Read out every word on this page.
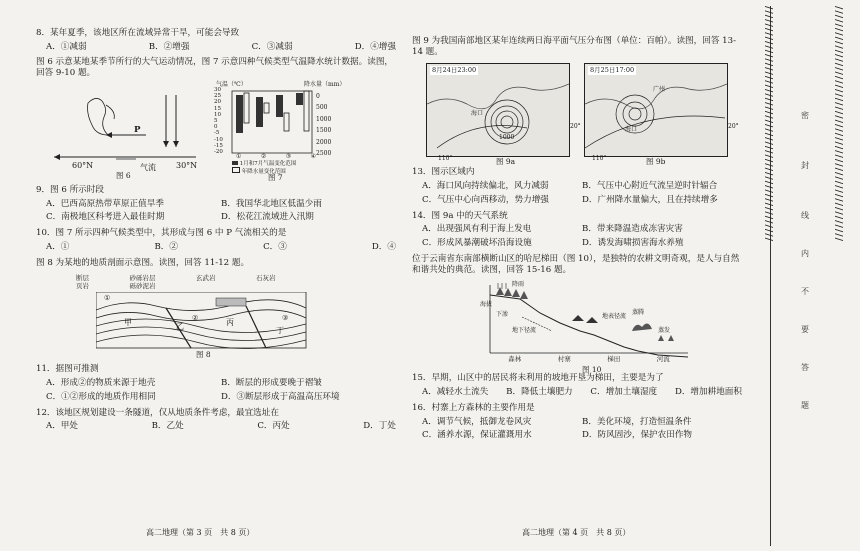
8．某年夏季，该地区所在流域异常干旱，可能会导致
A．①减弱	B．②增强	C．③减弱	D．④增强
图 6 示意某地某季节所行的大气运动情况，图 7 示意四种气候类型气温降水统计数据。读图，回答 9-10 题。
P
60°N	30°N
气流
图 6
气温（℃）	降水量（mm）
30
25
20
15
10
5
0
-5
-10
-15
-20
0
500
1000
1500
2000
2500
①	②	③	④
1月和7月气温变化范围
年降水量变化范围
图 7
9．图 6 所示时段
A．巴西高原热带草原正值旱季	B．我国华北地区低温少雨
C．南极地区科考进入最佳时期	D．松花江流域进入汛期
10．图 7 所示四种气候类型中，其形成与图 6 中 P 气流相关的是
A．①	B．②	C．③	D．④
图 8 为某地的地质剖面示意图。读图，回答 11-12 题。
断层	砂砾岩层	玄武岩	石灰岩
页岩	砾砂泥岩
甲	乙	丙
丁
①
②	③
图 8
11．据图可推测
A．形成②的物质来源于地壳	B．断层的形成要晚于褶皱
C．①②形成的地质作用相同	D．③断层形成于高温高压环境
12．该地区规划建设一条隧道，仅从地质条件考虑，最宜选址在
A．甲处	B．乙处	C．丙处	D．丁处
高二地理（第 3 页　共 8 页）
图 9 为我国南部地区某年连续两日海平面气压分布图（单位：百帕）。读图，回答 13-14 题。
8月24日23:00
海口
1000
110°
20°
图 9a
8月25日17:00
广州
海口
110°
20°
图 9b
13．图示区域内
A．海口风向持续偏北，风力减弱	B．气压中心附近气流呈逆时针辐合
C．气压中心向西移动，势力增强	D．广州降水量偏大，且在持续增多
14．图 9a 中的天气系统
A．出现强风有利于海上发电	B．带来降温造成冻害灾害
C．形成风暴潮破坏沿海设施	D．诱发海啸损害海水养殖
位于云南省东南部横断山区的哈尼梯田（图 10），是独特的农耕文明奇观，是人与自然和谐共处的典范。读图，回答 15-16 题。
海拔
地下径流
地表径流
蒸发
降雨
下渗	蒸腾
森林	村寨	梯田	河流
图 10
15．早期，山区中的居民将未利用的坡地开垦为梯田，主要是为了
A．减轻水土流失 B．降低土壤肥力 C．增加土壤湿度 D．增加耕地面积
16．村寨上方森林的主要作用是
A．调节气候，抵御龙卷风灾	B．美化环境，打造恒温条件
C．涵养水源，保证灌溉用水	D．防风固沙，保护农田作物
高二地理（第 4 页　共 8 页）
//////////////////////////////////////////////////////
//////////////////////////////////////////////////////	密
封
线
内
不
要
答
题
